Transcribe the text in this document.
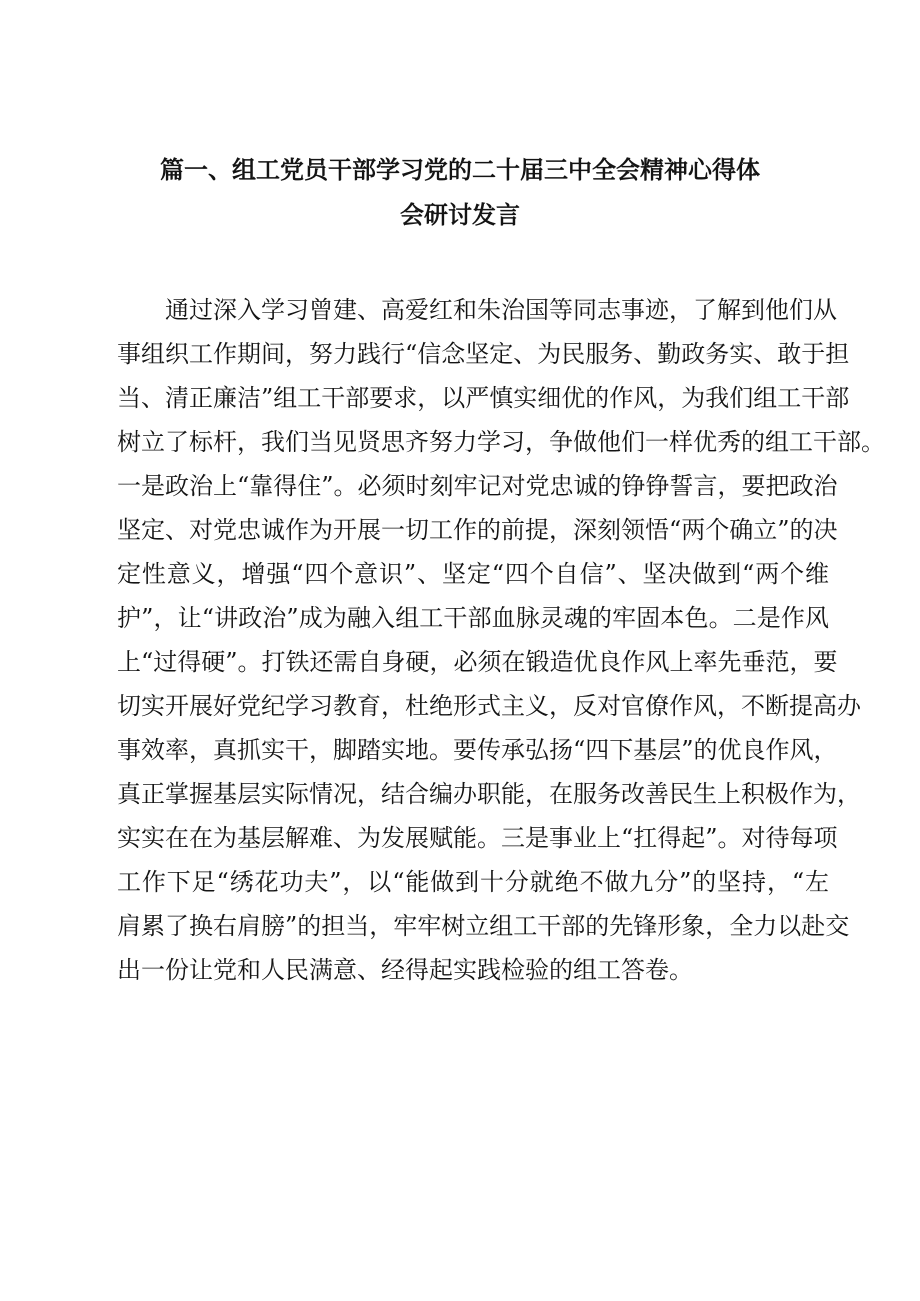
篇一、组工党员干部学习党的二十届三中全会精神心得体
会研讨发言
通过深入学习曾建、高爱红和朱治国等同志事迹，了解到他们从
事组织工作期间，努力践行“信念坚定、为民服务、勤政务实、敢于担
当、清正廉洁”组工干部要求，以严慎实细优的作风，为我们组工干部
树立了标杆，我们当见贤思齐努力学习，争做他们一样优秀的组工干部。
一是政治上“靠得住”。必须时刻牢记对党忠诚的铮铮誓言，要把政治
坚定、对党忠诚作为开展一切工作的前提，深刻领悟“两个确立”的决
定性意义，增强“四个意识”、坚定“四个自信”、坚决做到“两个维
护”，让“讲政治”成为融入组工干部血脉灵魂的牢固本色。二是作风
上“过得硬”。打铁还需自身硬，必须在锻造优良作风上率先垂范，要
切实开展好党纪学习教育，杜绝形式主义，反对官僚作风，不断提高办
事效率，真抓实干，脚踏实地。要传承弘扬“四下基层”的优良作风，
真正掌握基层实际情况，结合编办职能，在服务改善民生上积极作为，
实实在在为基层解难、为发展赋能。三是事业上“扛得起”。对待每项
工作下足“绣花功夫”，以“能做到十分就绝不做九分”的坚持，“左
肩累了换右肩膀”的担当，牢牢树立组工干部的先锋形象，全力以赴交
出一份让党和人民满意、经得起实践检验的组工答卷。
